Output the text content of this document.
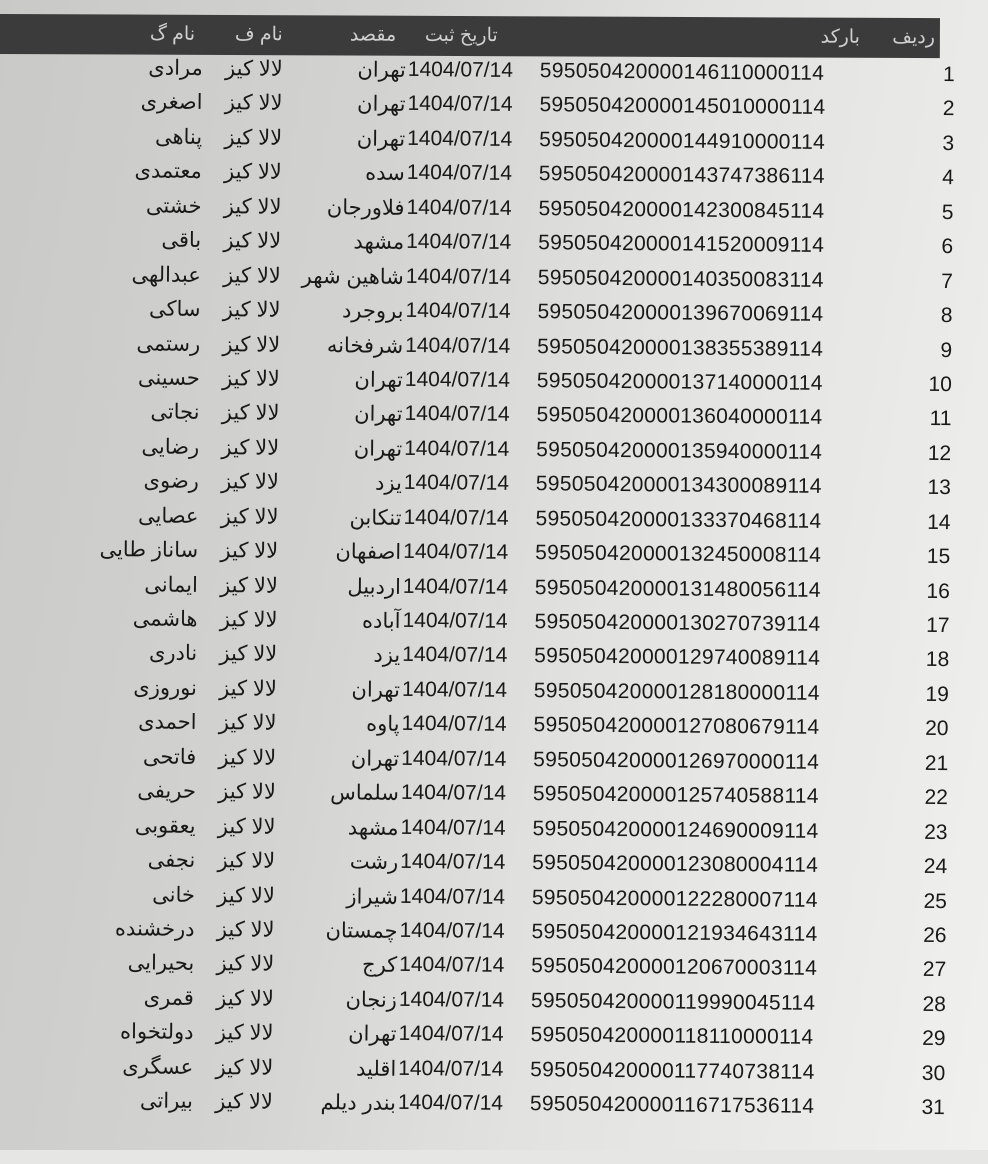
ردیف
بارکد
تاریخ ثبت
مقصد
نام ف
نام گ
1
595050420000146110000114
1404/07/14
تهران
لالا کیز
مرادی
2
595050420000145010000114
1404/07/14
تهران
لالا کیز
اصغری
3
595050420000144910000114
1404/07/14
تهران
لالا کیز
پناهی
4
595050420000143747386114
1404/07/14
سده
لالا کیز
معتمدی
5
595050420000142300845114
1404/07/14
فلاورجان
لالا کیز
خشتی
6
595050420000141520009114
1404/07/14
مشهد
لالا کیز
باقی
7
595050420000140350083114
1404/07/14
شاهین شهر
لالا کیز
عبدالهی
8
595050420000139670069114
1404/07/14
بروجرد
لالا کیز
ساکی
9
595050420000138355389114
1404/07/14
شرفخانه
لالا کیز
رستمی
10
595050420000137140000114
1404/07/14
تهران
لالا کیز
حسینی
11
595050420000136040000114
1404/07/14
تهران
لالا کیز
نجاتی
12
595050420000135940000114
1404/07/14
تهران
لالا کیز
رضایی
13
595050420000134300089114
1404/07/14
یزد
لالا کیز
رضوی
14
595050420000133370468114
1404/07/14
تنکابن
لالا کیز
عصایی
15
595050420000132450008114
1404/07/14
اصفهان
لالا کیز
ساناز طایی
16
595050420000131480056114
1404/07/14
اردبیل
لالا کیز
ایمانی
17
595050420000130270739114
1404/07/14
آباده
لالا کیز
هاشمی
18
595050420000129740089114
1404/07/14
یزد
لالا کیز
نادری
19
595050420000128180000114
1404/07/14
تهران
لالا کیز
نوروزی
20
595050420000127080679114
1404/07/14
پاوه
لالا کیز
احمدی
21
595050420000126970000114
1404/07/14
تهران
لالا کیز
فاتحی
22
595050420000125740588114
1404/07/14
سلماس
لالا کیز
حریفی
23
595050420000124690009114
1404/07/14
مشهد
لالا کیز
یعقوبی
24
595050420000123080004114
1404/07/14
رشت
لالا کیز
نجفی
25
595050420000122280007114
1404/07/14
شیراز
لالا کیز
خانی
26
595050420000121934643114
1404/07/14
چمستان
لالا کیز
درخشنده
27
595050420000120670003114
1404/07/14
کرج
لالا کیز
بحیرایی
28
595050420000119990045114
1404/07/14
زنجان
لالا کیز
قمری
29
595050420000118110000114
1404/07/14
تهران
لالا کیز
دولتخواه
30
595050420000117740738114
1404/07/14
اقلید
لالا کیز
عسگری
31
595050420000116717536114
1404/07/14
بندر دیلم
لالا کیز
بیراتی
